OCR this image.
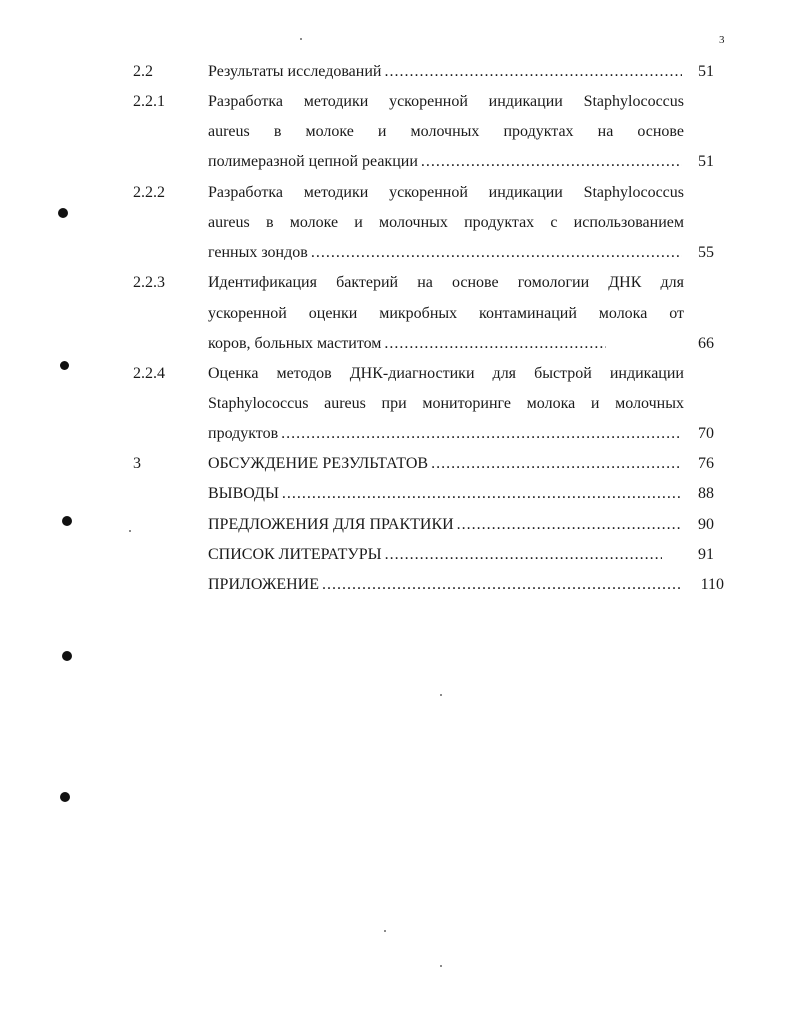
3
2.2	Результаты исследований .....	51
2.2.1	Разработка методики ускоренной индикации Staphylococcus
aureus в молоке и молочных продуктах на основе
полимеразной цепной реакции .....	51
2.2.2	Разработка методики ускоренной индикации Staphylococcus
aureus в молоке и молочных продуктах с использованием
генных зондов .....	55
2.2.3	Идентификация бактерий на основе гомологии ДНК для
ускоренной оценки микробных контаминаций молока от
коров, больных маститом .....	66
2.2.4	Оценка методов ДНК-диагностики для быстрой индикации
Staphylococcus aureus при мониторинге молока и молочных
продуктов .....	70
3	ОБСУЖДЕНИЕ РЕЗУЛЬТАТОВ .....	76
ВЫВОДЫ .....	88
ПРЕДЛОЖЕНИЯ ДЛЯ ПРАКТИКИ .....	90
СПИСОК ЛИТЕРАТУРЫ .....	91
ПРИЛОЖЕНИЕ .....	110
